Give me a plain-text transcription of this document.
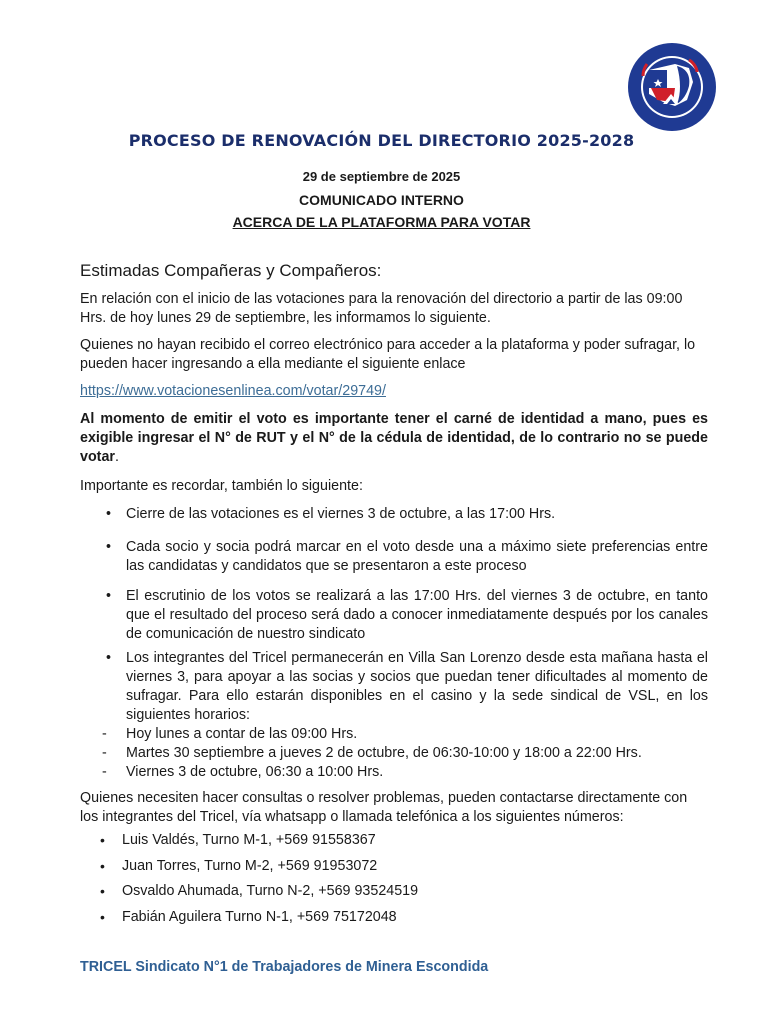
PROCESO DE RENOVACIÓN DEL DIRECTORIO 2025-2028
29 de septiembre de 2025
COMUNICADO INTERNO
ACERCA DE LA PLATAFORMA PARA VOTAR
Estimadas Compañeras y Compañeros:
En relación con el inicio de las votaciones para la renovación del directorio a partir de las 09:00 Hrs. de hoy lunes 29 de septiembre, les informamos lo siguiente.
Quienes no hayan recibido el correo electrónico para acceder a la plataforma y poder sufragar, lo pueden hacer ingresando a ella mediante el siguiente enlace
https://www.votacionesenlinea.com/votar/29749/
Al momento de emitir el voto es importante tener el carné de identidad a mano, pues es exigible ingresar el N° de RUT y el N° de la cédula de identidad, de lo contrario no se puede votar.
Importante es recordar, también lo siguiente:
• Cierre de las votaciones es el viernes 3 de octubre, a las 17:00 Hrs.
• Cada socio y socia podrá marcar en el voto desde una a máximo siete preferencias entre las candidatas y candidatos que se presentaron a este proceso
• El escrutinio de los votos se realizará a las 17:00 Hrs. del viernes 3 de octubre, en tanto que el resultado del proceso será dado a conocer inmediatamente después por los canales de comunicación de nuestro sindicato
• Los integrantes del Tricel permanecerán en Villa San Lorenzo desde esta mañana hasta el viernes 3, para apoyar a las socias y socios que puedan tener dificultades al momento de sufragar. Para ello estarán disponibles en el casino y la sede sindical de VSL, en los siguientes horarios:
- Hoy lunes a contar de las 09:00 Hrs.
- Martes 30 septiembre a jueves 2 de octubre, de 06:30-10:00 y 18:00 a 22:00 Hrs.
- Viernes 3 de octubre, 06:30 a 10:00 Hrs.
Quienes necesiten hacer consultas o resolver problemas, pueden contactarse directamente con los integrantes del Tricel, vía whatsapp o llamada telefónica a los siguientes números:
• Luis Valdés, Turno M-1, +569 91558367
• Juan Torres, Turno M-2, +569 91953072
• Osvaldo Ahumada, Turno N-2, +569 93524519
• Fabián Aguilera Turno N-1, +569 75172048
TRICEL Sindicato N°1 de Trabajadores de Minera Escondida
